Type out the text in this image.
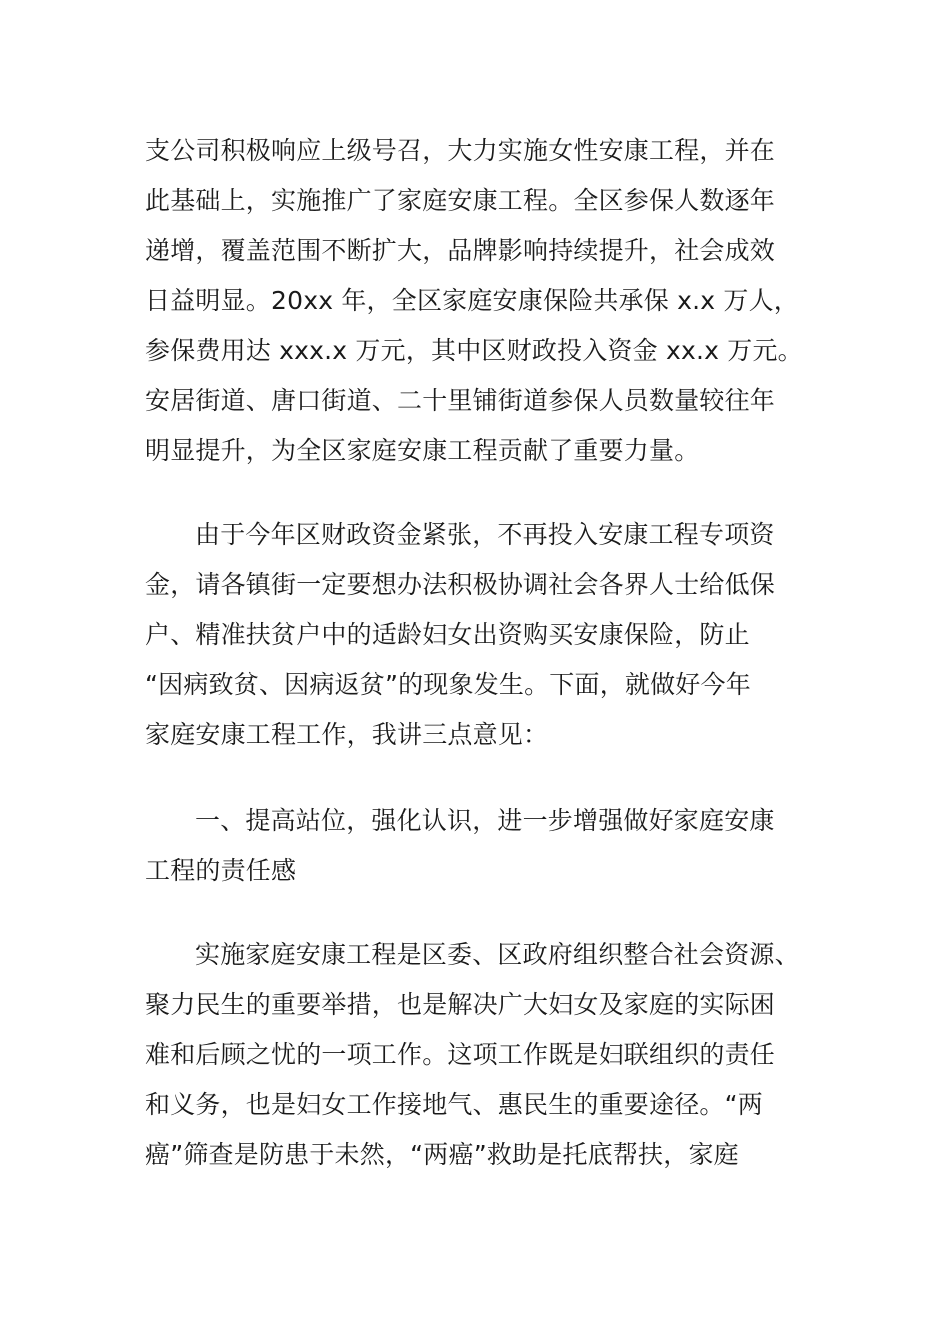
支公司积极响应上级号召，大力实施女性安康工程，并在
此基础上，实施推广了家庭安康工程。全区参保人数逐年
递增，覆盖范围不断扩大，品牌影响持续提升，社会成效
日益明显。20xx 年，全区家庭安康保险共承保 x.x 万人，
参保费用达 xxx.x 万元，其中区财政投入资金 xx.x 万元。
安居街道、唐口街道、二十里铺街道参保人员数量较往年
明显提升，为全区家庭安康工程贡献了重要力量。
由于今年区财政资金紧张，不再投入安康工程专项资
金，请各镇街一定要想办法积极协调社会各界人士给低保
户、精准扶贫户中的适龄妇女出资购买安康保险，防止
“因病致贫、因病返贫”的现象发生。下面，就做好今年
家庭安康工程工作，我讲三点意见：
一、提高站位，强化认识，进一步增强做好家庭安康
工程的责任感
实施家庭安康工程是区委、区政府组织整合社会资源、
聚力民生的重要举措，也是解决广大妇女及家庭的实际困
难和后顾之忧的一项工作。这项工作既是妇联组织的责任
和义务，也是妇女工作接地气、惠民生的重要途径。“两
癌”筛查是防患于未然，“两癌”救助是托底帮扶，家庭
